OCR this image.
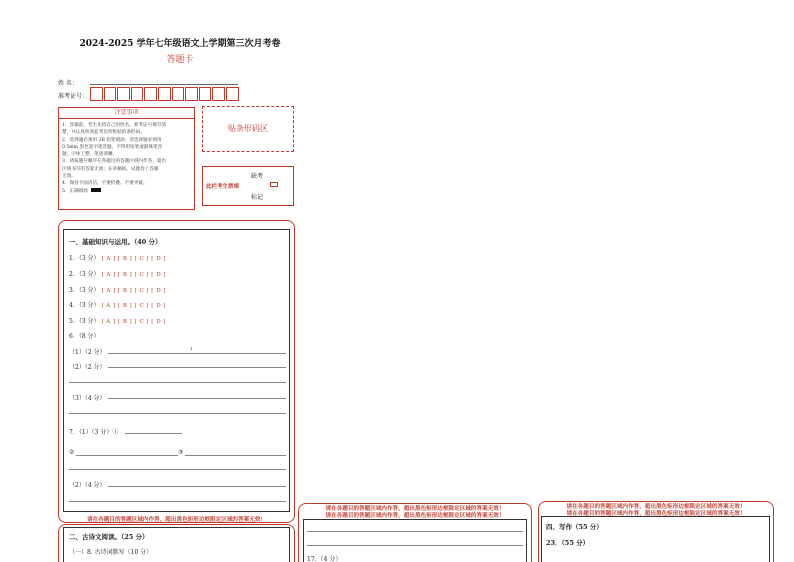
2024-2025 学年七年级语文上学期第三次月考卷
答题卡
姓 名：
准考证号：
注意事项
1．答题前，考生先将自己的姓名，准考证号填写清
楚，并认真检查监考员所粘贴的条形码。
2．选择题必须用 2B 铅笔填涂；非选择题必须用
0.5mm 黑色签字笔答题，不得用铅笔或圆珠笔答
题；字体工整、笔迹清晰。
3．请按题号顺序在各题目的答题区域内作答，超出
区域书写的答案无效；在草稿纸、试题卷上答题
无效。
4．保持卡面清洁，不要折叠、不要弄破。
5．正确填涂
贴条形码区
缺考
此栏考生禁填
标记
一、基础知识与运用。（40 分）
1．（3 分） [ A ] [ B ] [ C ] [ D ]
2．（3 分） [ A ] [ B ] [ C ] [ D ]
3．（3 分） [ A ] [ B ] [ C ] [ D ]
4．（3 分） [ A ] [ B ] [ C ] [ D ]
5．（3 分） [ A ] [ B ] [ C ] [ D ]
6．（8 分）
（1）（2 分）
1
（2）（2 分）
（3）（4 分）
7．（1）（3 分）①
②	③
（2）（4 分）
请在各题目的答题区域内作答，超出黑色矩形边框限定区域的答案无效！
二、古诗文阅读。（25 分）
（一）8. 古诗词默写（10 分）
请在各题目的答题区域内作答，超出黑色矩形边框限定区域的答案无效！
请在各题目的答题区域内作答，超出黑色矩形边框限定区域的答案无效！
17．（4 分）
请在各题目的答题区域内作答，超出黑色矩形边框限定区域的答案无效！
请在各题目的答题区域内作答，超出黑色矩形边框限定区域的答案无效！
四、写作（55 分）
23．（55 分）
